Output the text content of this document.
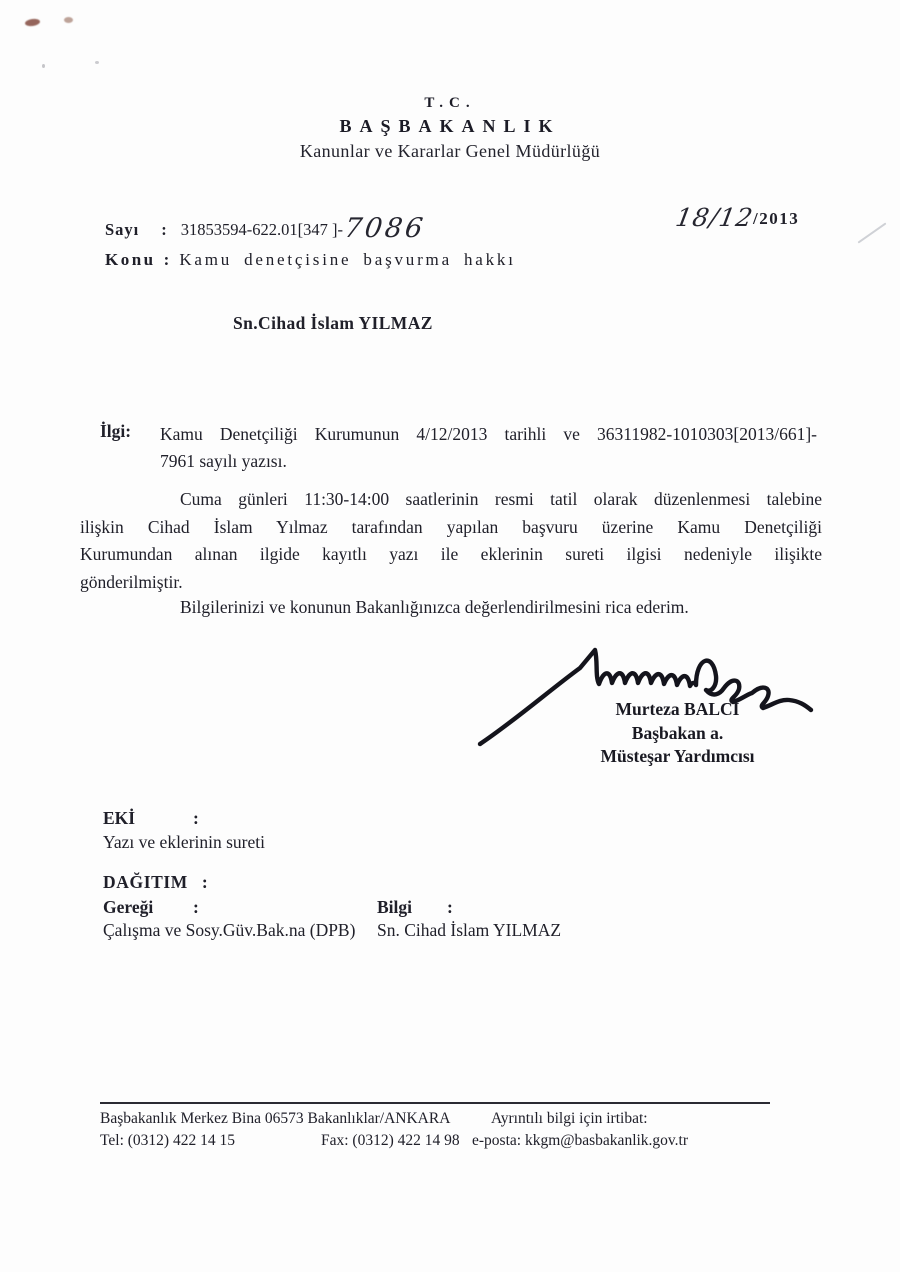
T.C.
BAŞBAKANLIK
Kanunlar ve Kararlar Genel Müdürlüğü
Sayı : 31853594-622.01[347 ]-7086	18/12/2013
Konu : Kamu denetçisine başvurma hakkı
Sn.Cihad İslam YILMAZ
İlgi: Kamu Denetçiliği Kurumunun 4/12/2013 tarihli ve 36311982-1010303[2013/661]-
7961 sayılı yazısı.
Cuma günleri 11:30-14:00 saatlerinin resmi tatil olarak düzenlenmesi talebine
ilişkin Cihad İslam Yılmaz tarafından yapılan başvuru üzerine Kamu Denetçiliği
Kurumundan alınan ilgide kayıtlı yazı ile eklerinin sureti ilgisi nedeniyle ilişikte
gönderilmiştir.
Bilgilerinizi ve konunun Bakanlığınızca değerlendirilmesini rica ederim.
Murteza BALCI
Başbakan a.
Müsteşar Yardımcısı
EKİ	:
Yazı ve eklerinin sureti
DAĞITIM :
Gereği :	Bilgi :
Çalışma ve Sosy.Güv.Bak.na (DPB) Sn. Cihad İslam YILMAZ
Başbakanlık Merkez Bina 06573 Bakanlıklar/ANKARA	Ayrıntılı bilgi için irtibat:
Tel: (0312) 422 14 15	Fax: (0312) 422 14 98 e-posta: kkgm@basbakanlik.gov.tr
